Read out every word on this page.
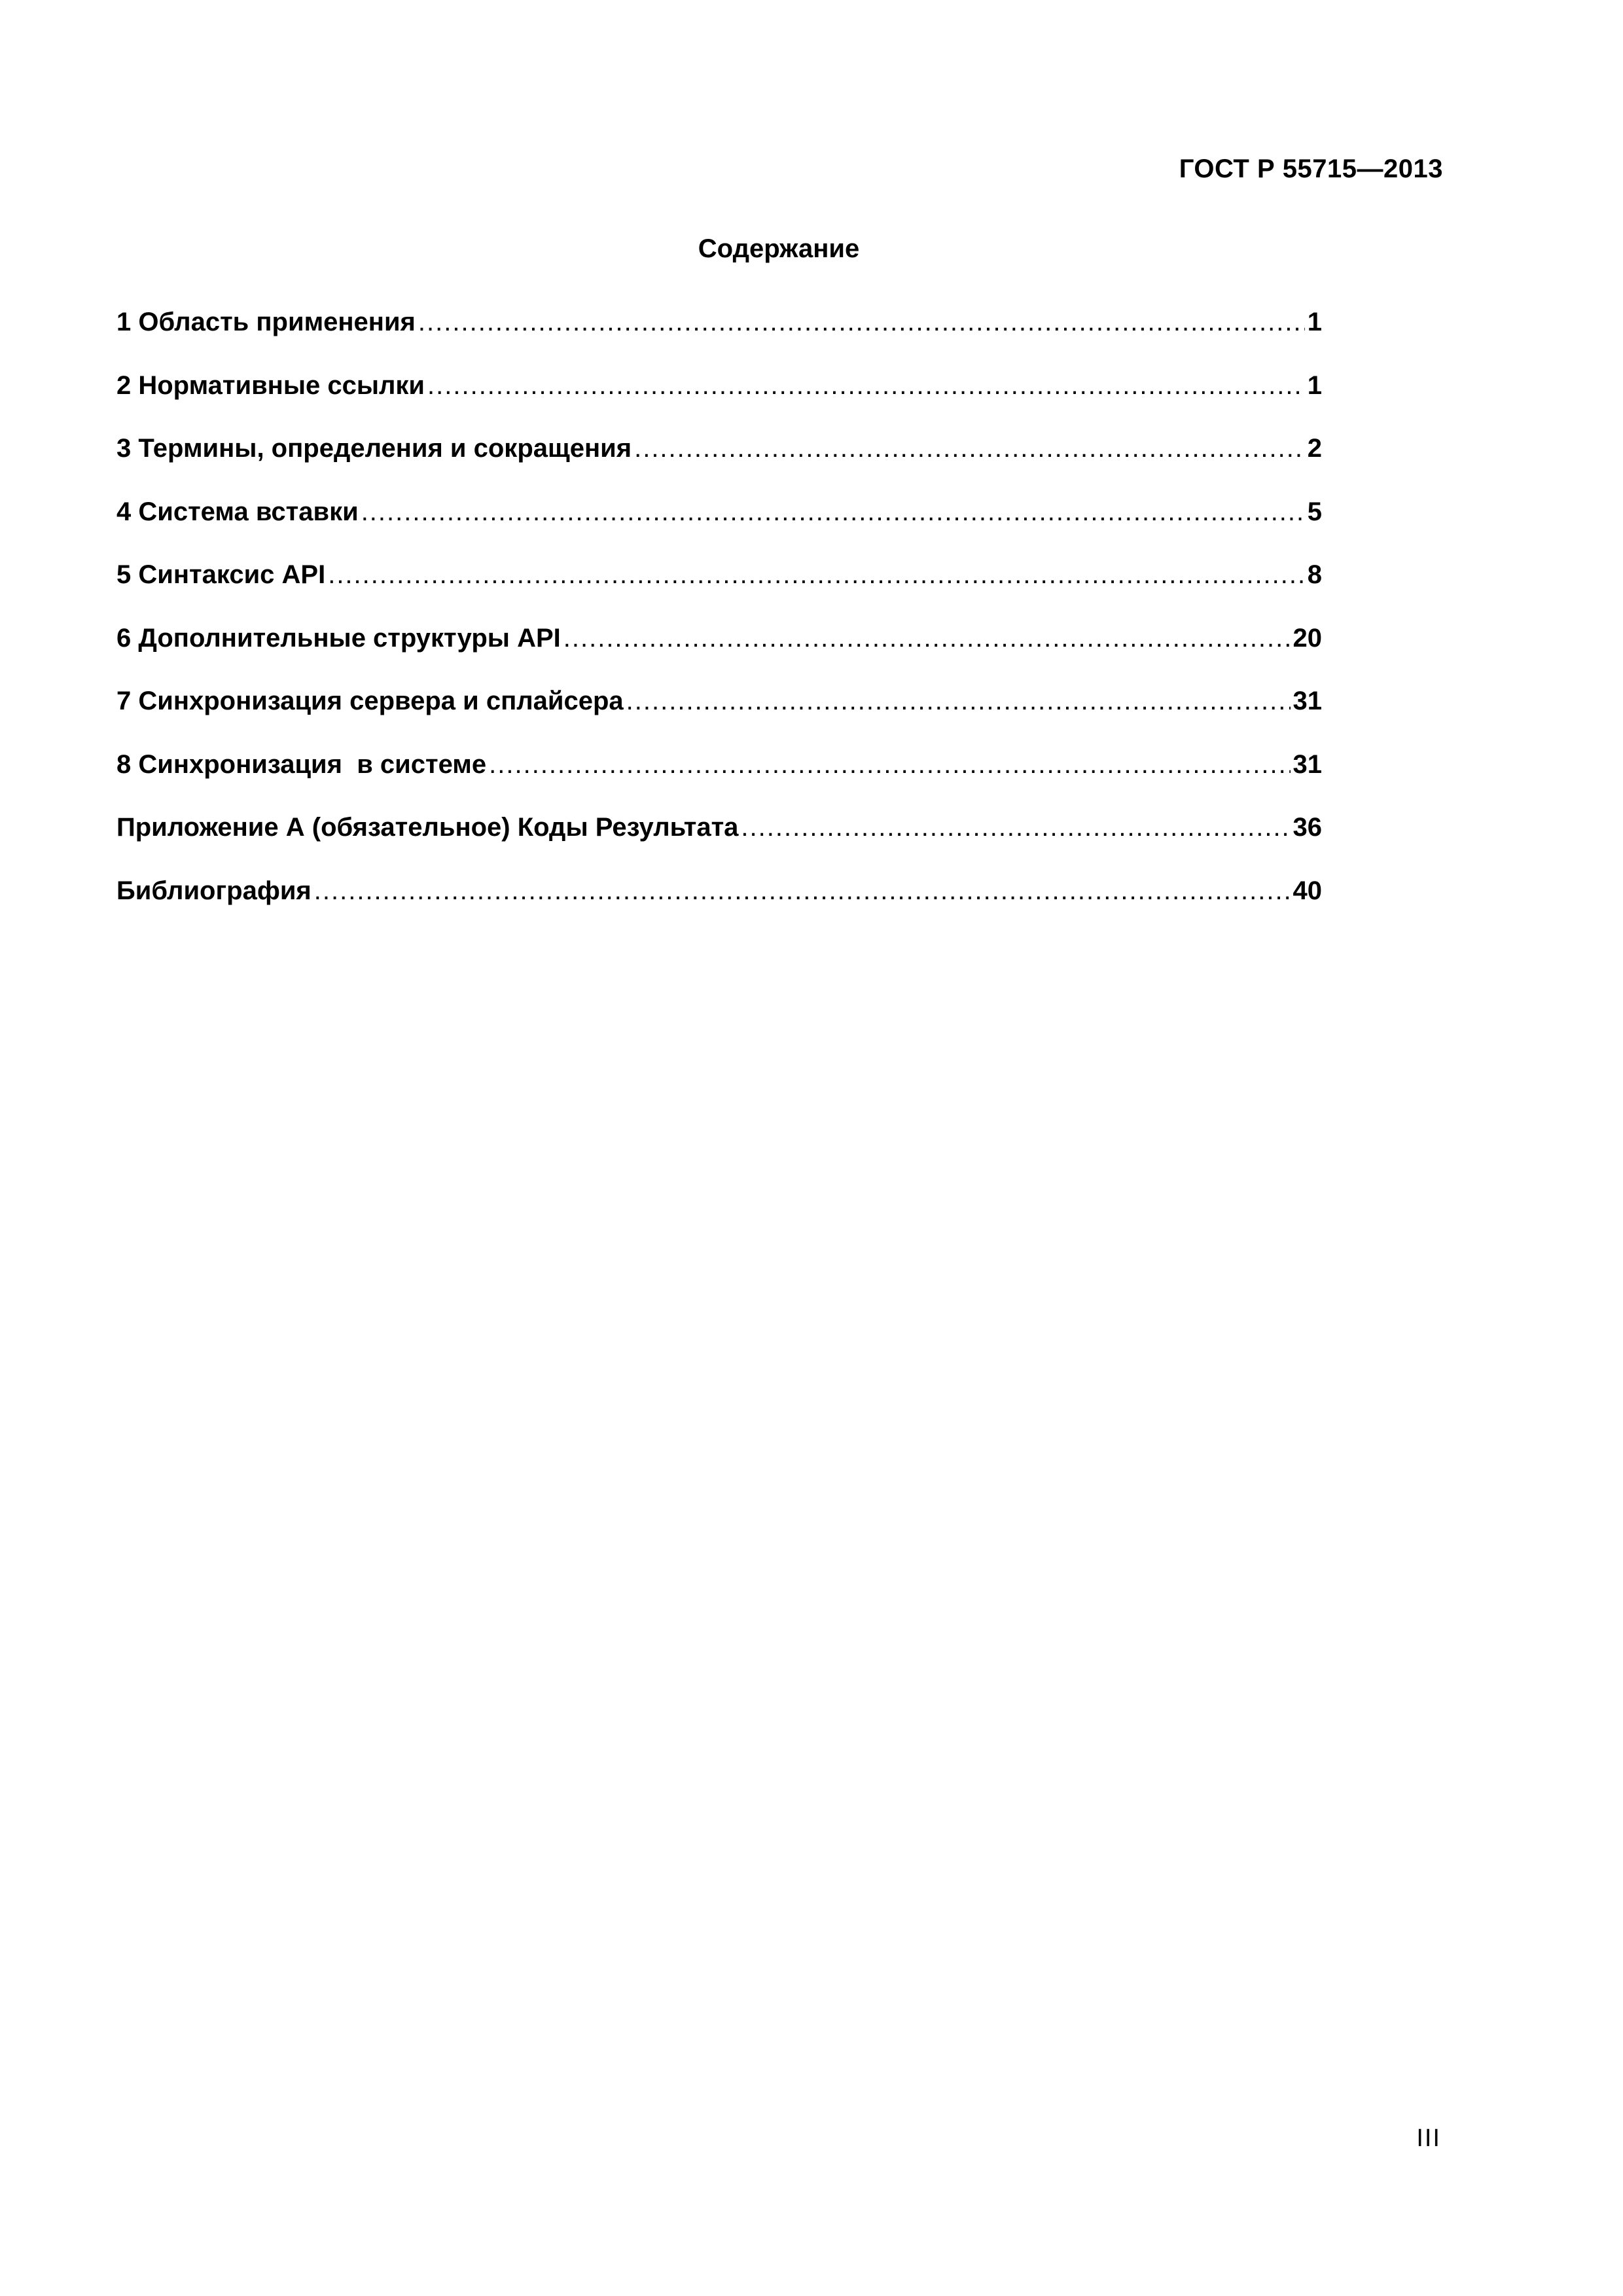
ГОСТ Р 55715—2013
Содержание
1 Область применения .....	1
2 Нормативные ссылки .....	1
3 Термины, определения и сокращения .....	2
4 Система вставки .....	5
5 Синтаксис API .....	8
6 Дополнительные структуры API .....	20
7 Синхронизация сервера и сплайсера .....	31
8 Синхронизация  в системе .....	31
Приложение А (обязательное) Коды Результата .....	36
Библиография .....	40
III
